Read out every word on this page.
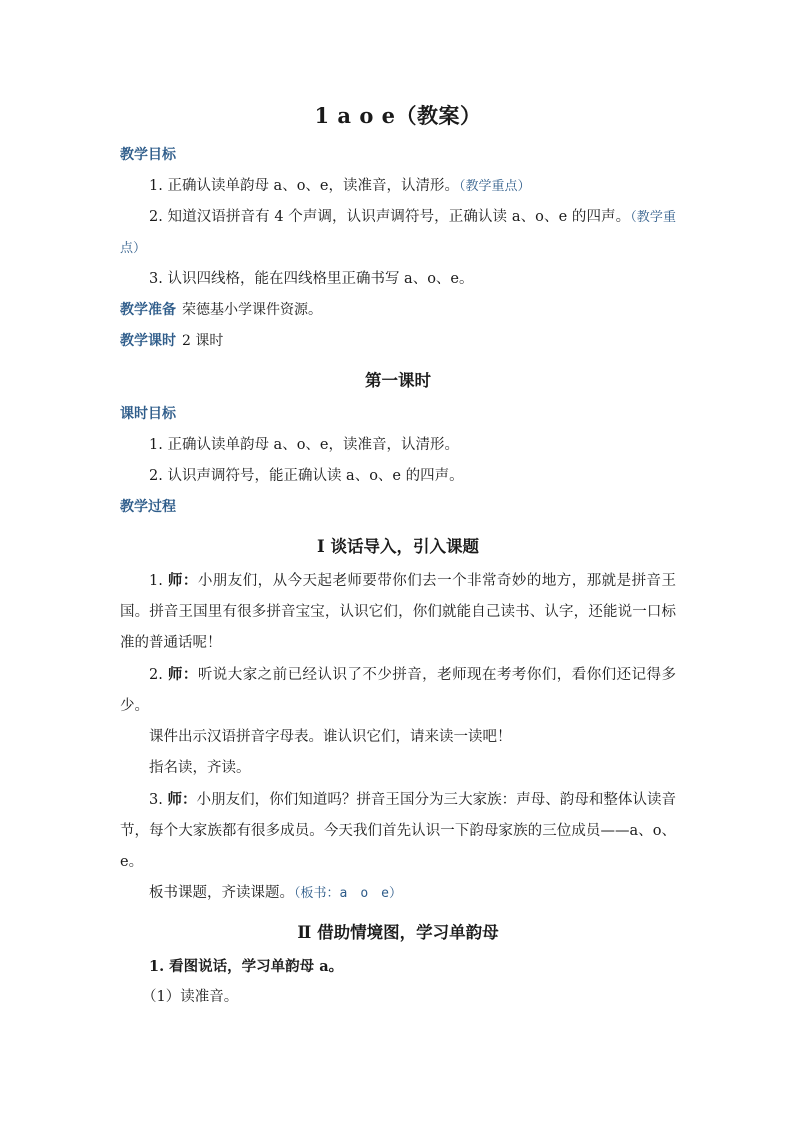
1 a o e（教案）
教学目标

1. 正确认读单韵母 a、o、e，读准音，认清形。（教学重点）

2. 知道汉语拼音有 4 个声调，认识声调符号，正确认读 a、o、e 的四声。（教学重点）

3. 认识四线格，能在四线格里正确书写 a、o、e。

教学准备 荣德基小学课件资源。
教学课时 2 课时
第一课时
课时目标

1. 正确认读单韵母 a、o、e，读准音，认清形。

2. 认识声调符号，能正确认读 a、o、e 的四声。

教学过程
Ⅰ 谈话导入，引入课题

1. 师：小朋友们，从今天起老师要带你们去一个非常奇妙的地方，那就是拼音王国。拼音王国里有很多拼音宝宝，认识它们，你们就能自己读书、认字，还能说一口标准的普通话呢！

2. 师：听说大家之前已经认识了不少拼音，老师现在考考你们，看你们还记得多少。

课件出示汉语拼音字母表。谁认识它们，请来读一读吧！

指名读，齐读。

3. 师：小朋友们，你们知道吗？拼音王国分为三大家族：声母、韵母和整体认读音节，每个大家族都有很多成员。今天我们首先认识一下韵母家族的三位成员——a、o、e。

板书课题，齐读课题。（板书：a　o　e）

Ⅱ 借助情境图，学习单韵母

1. 看图说话，学习单韵母 a。

（1）读准音。
